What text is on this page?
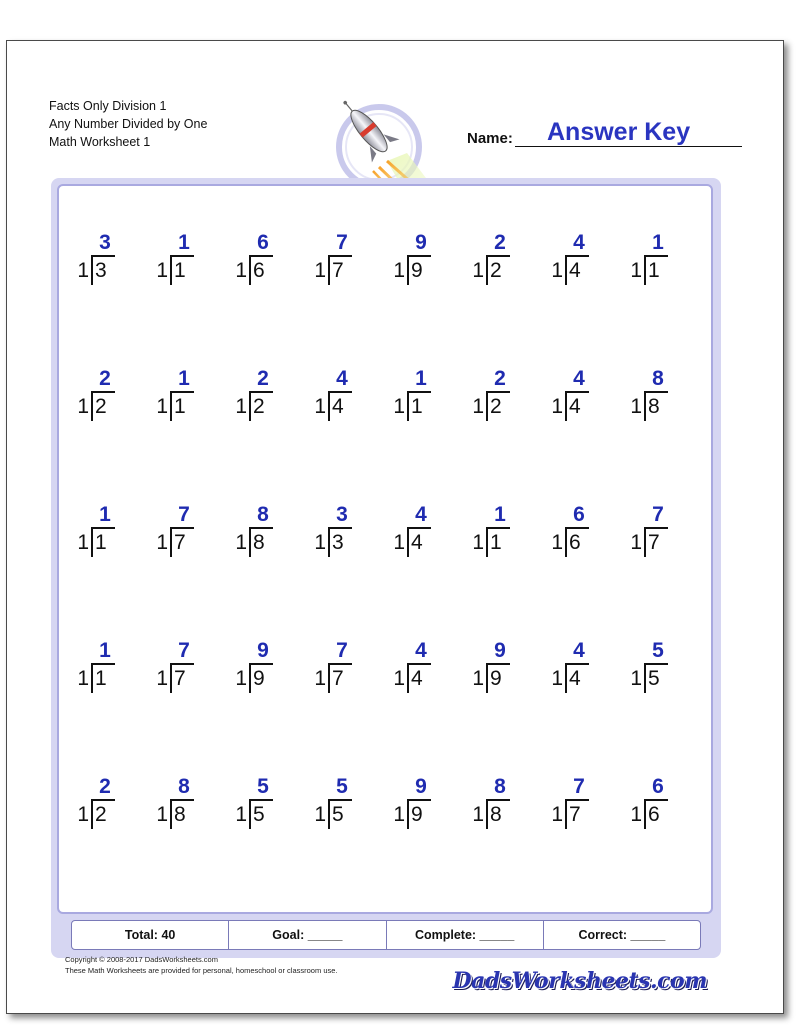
Facts Only Division 1
Any Number Divided by One
Math Worksheet 1	Name: Answer Key
3
1 3
1
1 1
6
1 6
7
1 7
9
1 9
2
1 2
4
1 4
1
1 1
2
1 2
1
1 1
2
1 2
4
1 4
1
1 1
2
1 2
4
1 4
8
1 8
1
1 1
7
1 7
8
1 8
3
1 3
4
1 4
1
1 1
6
1 6
7
1 7
1
1 1
7
1 7
9
1 9
7
1 7
4
1 4
9
1 9
4
1 4
5
1 5
2
1 2
8
1 8
5
1 5
5
1 5
9
1 9
8
1 8
7
1 7
6
1 6
Total: 40	Goal: _____	Complete: _____	Correct: _____
Copyright © 2008-2017 DadsWorksheets.com
These Math Worksheets are provided for personal, homeschool or classroom use.	DadsWorksheets.com
